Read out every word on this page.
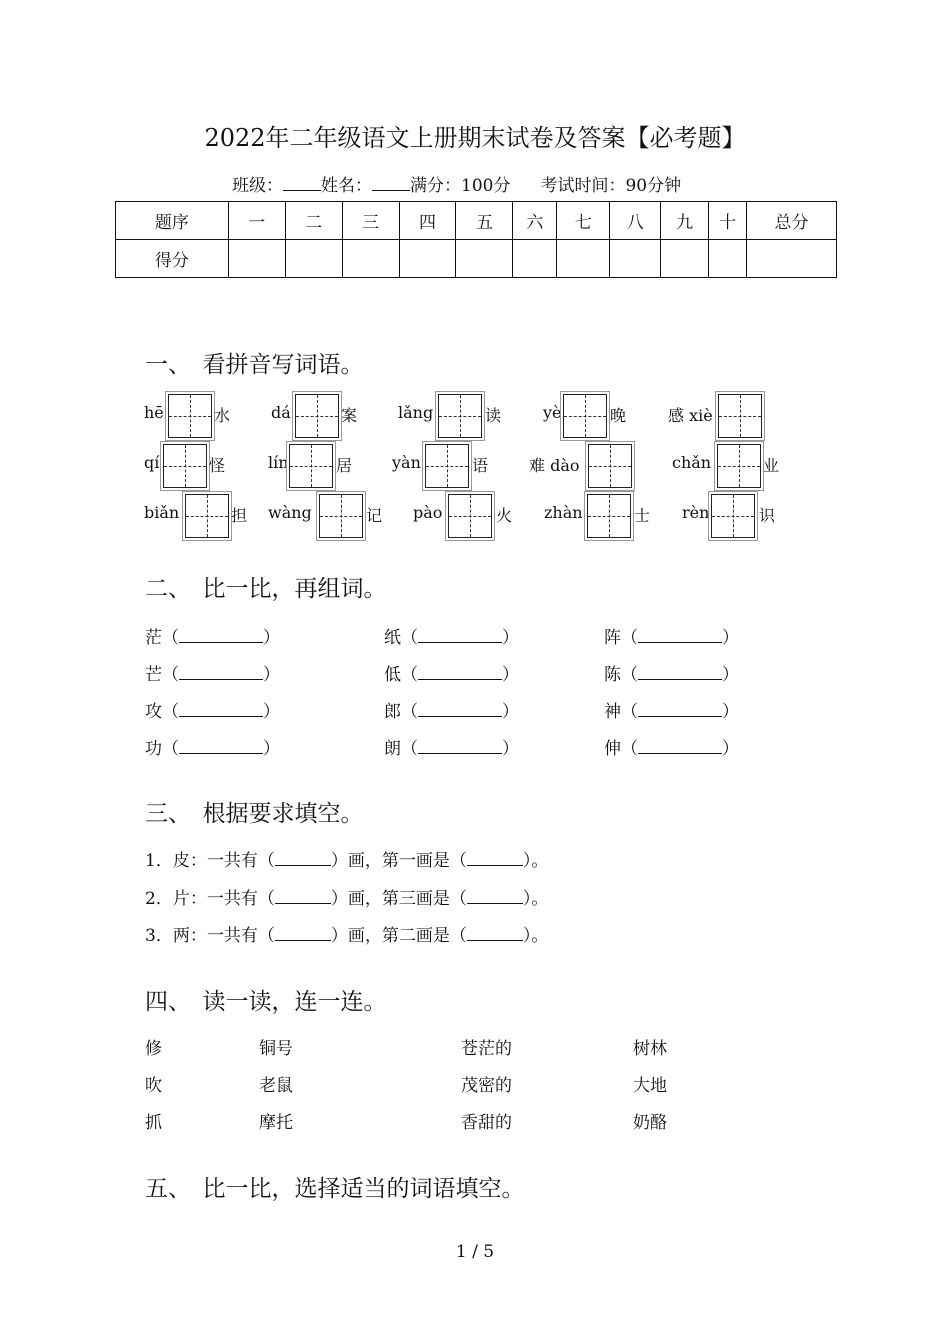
2022年二年级语文上册期末试卷及答案【必考题】
班级： 姓名： 满分：100分 考试时间：90分钟
题序	一	二	三	四	五	六	七	八	九	十	总分
得分											
一、　看拼音写词语。
hē	水	dá	案	lǎng	读	yè	晚	感 xiè
qí	怪	lín	居 yàn	语	难 dào	chǎn	业
biǎn	担 wàng	记 pào	火 zhàn	士 rèn	识
二、　比一比，再组词。
茫（	）	纸（	）	阵（	）
芒（	）	低（	）	陈（	）
攻（	）	郎（	）	神（	）
功（	）	朗（	）	伸（	）
三、　根据要求填空。
1．皮：一共有（	）画，第一画是（	）。
2．片：一共有（	）画，第三画是（	）。
3．两：一共有（	）画，第二画是（	）。
四、　读一读，连一连。
修	铜号	苍茫的	树林
吹	老鼠	茂密的	大地
抓	摩托	香甜的	奶酪
五、　比一比，选择适当的词语填空。
1 / 5
